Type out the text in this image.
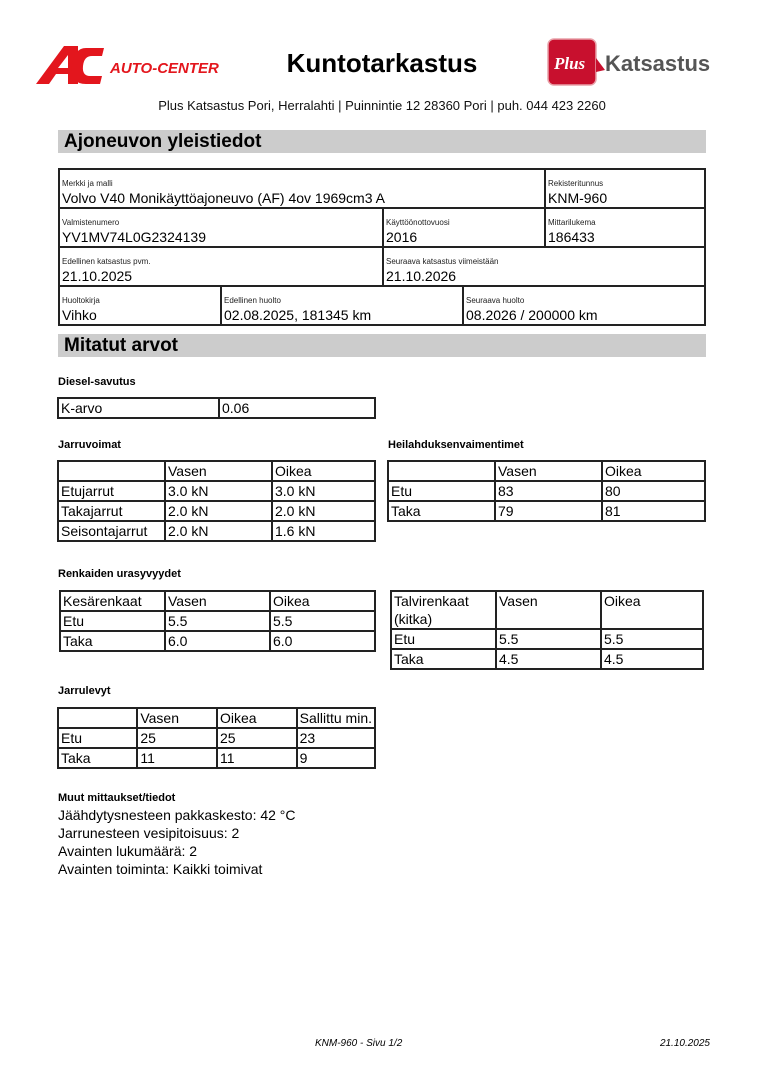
AUTO-CENTER	Kuntotarkastus	Plus Katsastus
Plus Katsastus Pori, Herralahti | Puinnintie 12 28360 Pori | puh. 044 423 2260
Ajoneuvon yleistiedot
Merkki ja malli
Volvo V40 Monikäyttöajoneuvo (AF) 4ov 1969cm3 A
Rekisteritunnus
KNM-960
Valmistenumero
YV1MV74L0G2324139
Käyttöönottovuosi
2016
Mittarilukema
186433
Edellinen katsastus pvm.
21.10.2025
Seuraava katsastus viimeistään
21.10.2026
Huoltokirja
Vihko
Edellinen huolto
02.08.2025, 181345 km
Seuraava huolto
08.2026 / 200000 km
Mitatut arvot
Diesel-savutus
K-arvo	0.06
Jarruvoimat
	Vasen	Oikea
Etujarrut	3.0 kN	3.0 kN
Takajarrut	2.0 kN	2.0 kN
Seisontajarrut	2.0 kN	1.6 kN
Heilahduksenvaimentimet
	Vasen	Oikea
Etu	83	80
Taka	79	81
Renkaiden urasyvyydet
Kesärenkaat	Vasen	Oikea
Etu	5.5	5.5
Taka	6.0	6.0
Talvirenkaat (kitka)	Vasen	Oikea
Etu	5.5	5.5
Taka	4.5	4.5
Jarrulevyt
	Vasen	Oikea	Sallittu min.
Etu	25	25	23
Taka	11	11	9
Muut mittaukset/tiedot
Jäähdytysnesteen pakkaskesto: 42 °C
Jarrunesteen vesipitoisuus: 2
Avainten lukumäärä: 2
Avainten toiminta: Kaikki toimivat
KNM-960 - Sivu 1/2	21.10.2025
